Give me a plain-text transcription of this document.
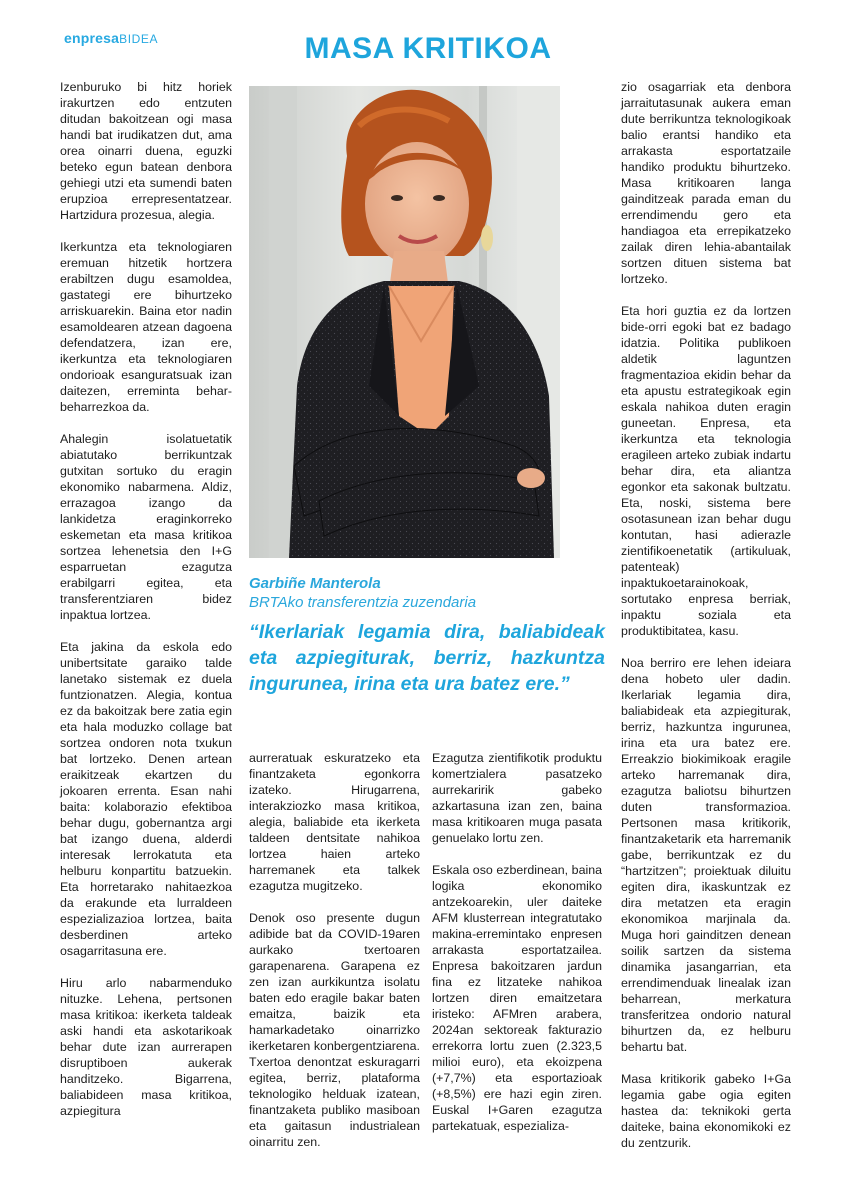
enpresaBIDEA	MASA KRITIKOA

Izenburuko bi hitz horiek irakurtzen edo entzuten ditudan bakoitzean ogi masa handi bat irudikatzen dut, ama orea oinarri duena, eguzki beteko egun batean denbora gehiegi utzi eta sumendi baten erupzioa errepresentatzear. Hartzidura prozesua, alegia.

Ikerkuntza eta teknologiaren eremuan hitzetik hortzera erabiltzen dugu esamoldea, gastategi ere bihurtzeko arriskuarekin. Baina etor nadin esamoldearen atzean dagoena defendatzera, izan ere, ikerkuntza eta teknologiaren ondorioak esanguratsuak izan daitezen, erreminta behar-beharrezkoa da.

Ahalegin isolatuetatik abiatutako berrikuntzak gutxitan sortuko du eragin ekonomiko nabarmena. Aldiz, errazagoa izango da lankidetza eraginkorreko eskemetan eta masa kritikoa sortzea lehenetsia den I+G esparruetan ezagutza erabilgarri egitea, eta transferentziaren bidez inpaktua lortzea.

Eta jakina da eskola edo unibertsitate garaiko talde lanetako sistemak ez duela funtzionatzen. Alegia, kontua ez da bakoitzak bere zatia egin eta hala moduzko collage bat sortzea ondoren nota txukun bat lortzeko. Denen artean eraikitzeak ekartzen du jokoaren errenta. Esan nahi baita: kolaborazio efektiboa behar dugu, gobernantza argi bat izango duena, alderdi interesak lerrokatuta eta helburu konpartitu batzuekin. Eta horretarako nahitaezkoa da erakunde eta lurraldeen espezializazioa lortzea, baita desberdinen arteko osagarritasuna ere.

Hiru arlo nabarmenduko nituzke. Lehena, pertsonen masa kritikoa: ikerketa taldeak aski handi eta askotarikoak behar dute izan aurrerapen disruptiboen aukerak handitzeko. Bigarrena, baliabideen masa kritikoa, azpiegitura

Garbiñe Manterola
BRTAko transferentzia zuzendaria
“Ikerlariak legamia dira, baliabideak eta azpiegiturak, berriz, hazkuntza ingurunea, irina eta ura batez ere.”

aurreratuak eskuratzeko eta finantzaketa egonkorra izateko. Hirugarrena, interakziozko masa kritikoa, alegia, baliabide eta ikerketa taldeen dentsitate nahikoa lortzea haien arteko harremanek eta talkek ezagutza mugitzeko.

Denok oso presente dugun adibide bat da COVID-19aren aurkako txertoaren garapenarena. Garapena ez zen izan aurkikuntza isolatu baten edo eragile bakar baten emaitza, baizik eta hamarkadetako oinarrizko ikerketaren konbergentziarena. Txertoa denontzat eskuragarri egitea, berriz, plataforma teknologiko helduak izatean, finantzaketa publiko masiboan eta gaitasun industrialean oinarritu zen.

Ezagutza zientifikotik produktu komertzialera pasatzeko aurrekaririk gabeko azkartasuna izan zen, baina masa kritikoaren muga pasata genuelako lortu zen.

Eskala oso ezberdinean, baina logika ekonomiko antzekoarekin, uler daiteke AFM klusterrean integratutako makina-erremintako enpresen arrakasta esportatzailea. Enpresa bakoitzaren jardun fina ez litzateke nahikoa lortzen diren emaitzetara iristeko: AFMren arabera, 2024an sektoreak fakturazio errekorra lortu zuen (2.323,5 milioi euro), eta ekoizpena (+7,7%) eta esportazioak (+8,5%) ere hazi egin ziren. Euskal I+Garen ezagutza partekatuak, espezializa-

zio osagarriak eta denbora jarraitutasunak aukera eman dute berrikuntza teknologikoak balio erantsi handiko eta arrakasta esportatzaile handiko produktu bihurtzeko. Masa kritikoaren langa gainditzeak parada eman du errendimendu gero eta handiagoa eta errepikatzeko zailak diren lehia-abantailak sortzen dituen sistema bat lortzeko.

Eta hori guztia ez da lortzen bide-orri egoki bat ez badago idatzia. Politika publikoen aldetik laguntzen fragmentazioa ekidin behar da eta apustu estrategikoak egin eskala nahikoa duten eragin guneetan. Enpresa, eta ikerkuntza eta teknologia eragileen arteko zubiak indartu behar dira, eta aliantza egonkor eta sakonak bultzatu. Eta, noski, sistema bere osotasunean izan behar dugu kontutan, hasi adierazle zientifikoenetatik (artikuluak, patenteak) inpaktukoetarainokoak, sortutako enpresa berriak, inpaktu soziala eta produktibitatea, kasu.

Noa berriro ere lehen ideiara dena hobeto uler dadin. Ikerlariak legamia dira, baliabideak eta azpiegiturak, berriz, hazkuntza ingurunea, irina eta ura batez ere. Erreakzio biokimikoak eragile arteko harremanak dira, ezagutza baliotsu bihurtzen duten transformazioa. Pertsonen masa kritikorik, finantzaketarik eta harremanik gabe, berrikuntzak ez du “hartzitzen”; proiektuak diluitu egiten dira, ikaskuntzak ez dira metatzen eta eragin ekonomikoa marjinala da. Muga hori gainditzen denean soilik sartzen da sistema dinamika jasangarrian, eta errendimenduak linealak izan beharrean, merkatura transferitzea ondorio natural bihurtzen da, ez helburu behartu bat.

Masa kritikorik gabeko I+Ga legamia gabe ogia egiten hastea da: teknikoki gerta daiteke, baina ekonomikoki ez du zentzurik.
